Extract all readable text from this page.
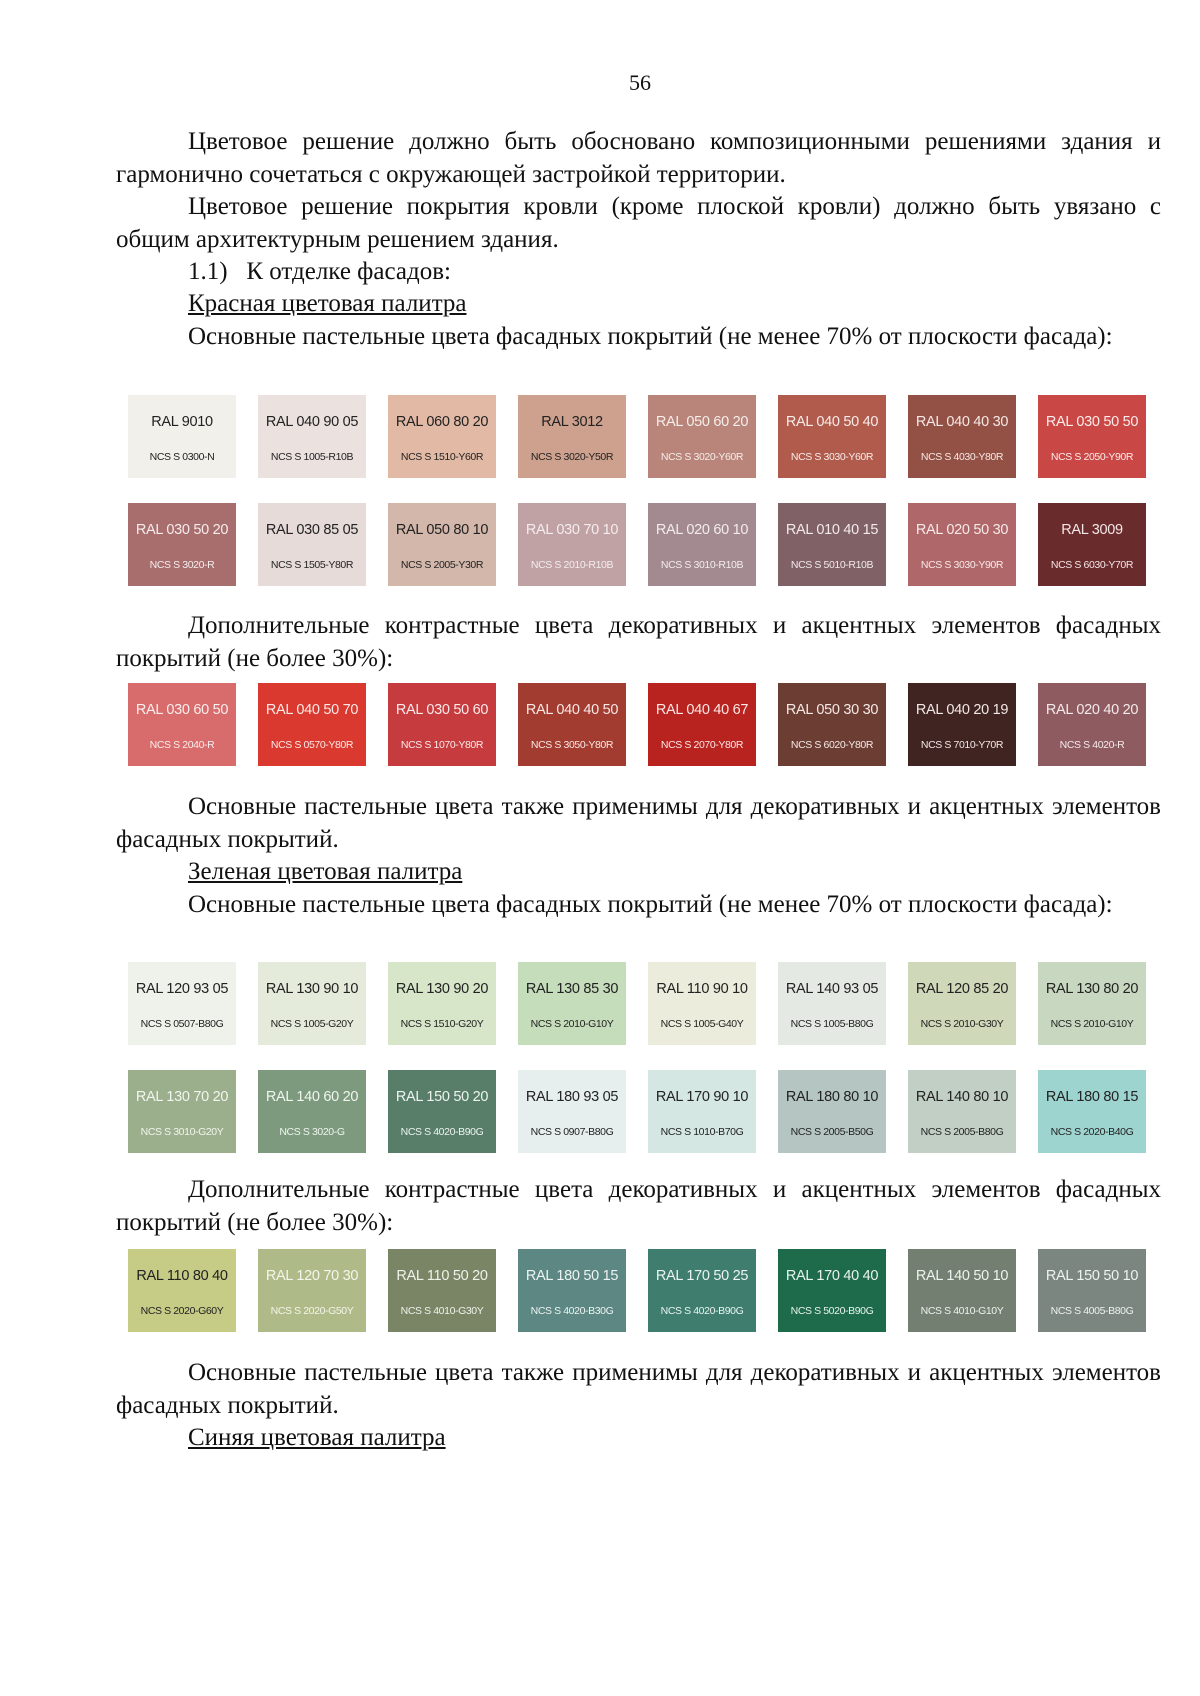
56

Цветовое решение должно быть обосновано композиционными решениями здания и гармонично сочетаться с окружающей застройкой территории.

Цветовое решение покрытия кровли (кроме плоской кровли) должно быть увязано с общим архитектурным решением здания.

1.1)  К отделке фасадов:

Красная цветовая палитра

Основные пастельные цвета фасадных покрытий (не менее 70% от плоскости фасада):

RAL 9010
NCS S 0300-N
RAL 040 90 05
NCS S 1005-R10B
RAL 060 80 20
NCS S 1510-Y60R
RAL 3012
NCS S 3020-Y50R
RAL 050 60 20
NCS S 3020-Y60R
RAL 040 50 40
NCS S 3030-Y60R
RAL 040 40 30
NCS S 4030-Y80R
RAL 030 50 50
NCS S 2050-Y90R
RAL 030 50 20
NCS S 3020-R
RAL 030 85 05
NCS S 1505-Y80R
RAL 050 80 10
NCS S 2005-Y30R
RAL 030 70 10
NCS S 2010-R10B
RAL 020 60 10
NCS S 3010-R10B
RAL 010 40 15
NCS S 5010-R10B
RAL 020 50 30
NCS S 3030-Y90R
RAL 3009
NCS S 6030-Y70R

Дополнительные контрастные цвета декоративных и акцентных элементов фасадных покрытий (не более 30%):

RAL 030 60 50
NCS S 2040-R
RAL 040 50 70
NCS S 0570-Y80R
RAL 030 50 60
NCS S 1070-Y80R
RAL 040 40 50
NCS S 3050-Y80R
RAL 040 40 67
NCS S 2070-Y80R
RAL 050 30 30
NCS S 6020-Y80R
RAL 040 20 19
NCS S 7010-Y70R
RAL 020 40 20
NCS S 4020-R

Основные пастельные цвета также применимы для декоративных и акцентных элементов фасадных покрытий.

Зеленая цветовая палитра

Основные пастельные цвета фасадных покрытий (не менее 70% от плоскости фасада):

RAL 120 93 05
NCS S 0507-B80G
RAL 130 90 10
NCS S 1005-G20Y
RAL 130 90 20
NCS S 1510-G20Y
RAL 130 85 30
NCS S 2010-G10Y
RAL 110 90 10
NCS S 1005-G40Y
RAL 140 93 05
NCS S 1005-B80G
RAL 120 85 20
NCS S 2010-G30Y
RAL 130 80 20
NCS S 2010-G10Y
RAL 130 70 20
NCS S 3010-G20Y
RAL 140 60 20
NCS S 3020-G
RAL 150 50 20
NCS S 4020-B90G
RAL 180 93 05
NCS S 0907-B80G
RAL 170 90 10
NCS S 1010-B70G
RAL 180 80 10
NCS S 2005-B50G
RAL 140 80 10
NCS S 2005-B80G
RAL 180 80 15
NCS S 2020-B40G

Дополнительные контрастные цвета декоративных и акцентных элементов фасадных покрытий (не более 30%):

RAL 110 80 40
NCS S 2020-G60Y
RAL 120 70 30
NCS S 2020-G50Y
RAL 110 50 20
NCS S 4010-G30Y
RAL 180 50 15
NCS S 4020-B30G
RAL 170 50 25
NCS S 4020-B90G
RAL 170 40 40
NCS S 5020-B90G
RAL 140 50 10
NCS S 4010-G10Y
RAL 150 50 10
NCS S 4005-B80G

Основные пастельные цвета также применимы для декоративных и акцентных элементов фасадных покрытий.

Синяя цветовая палитра
